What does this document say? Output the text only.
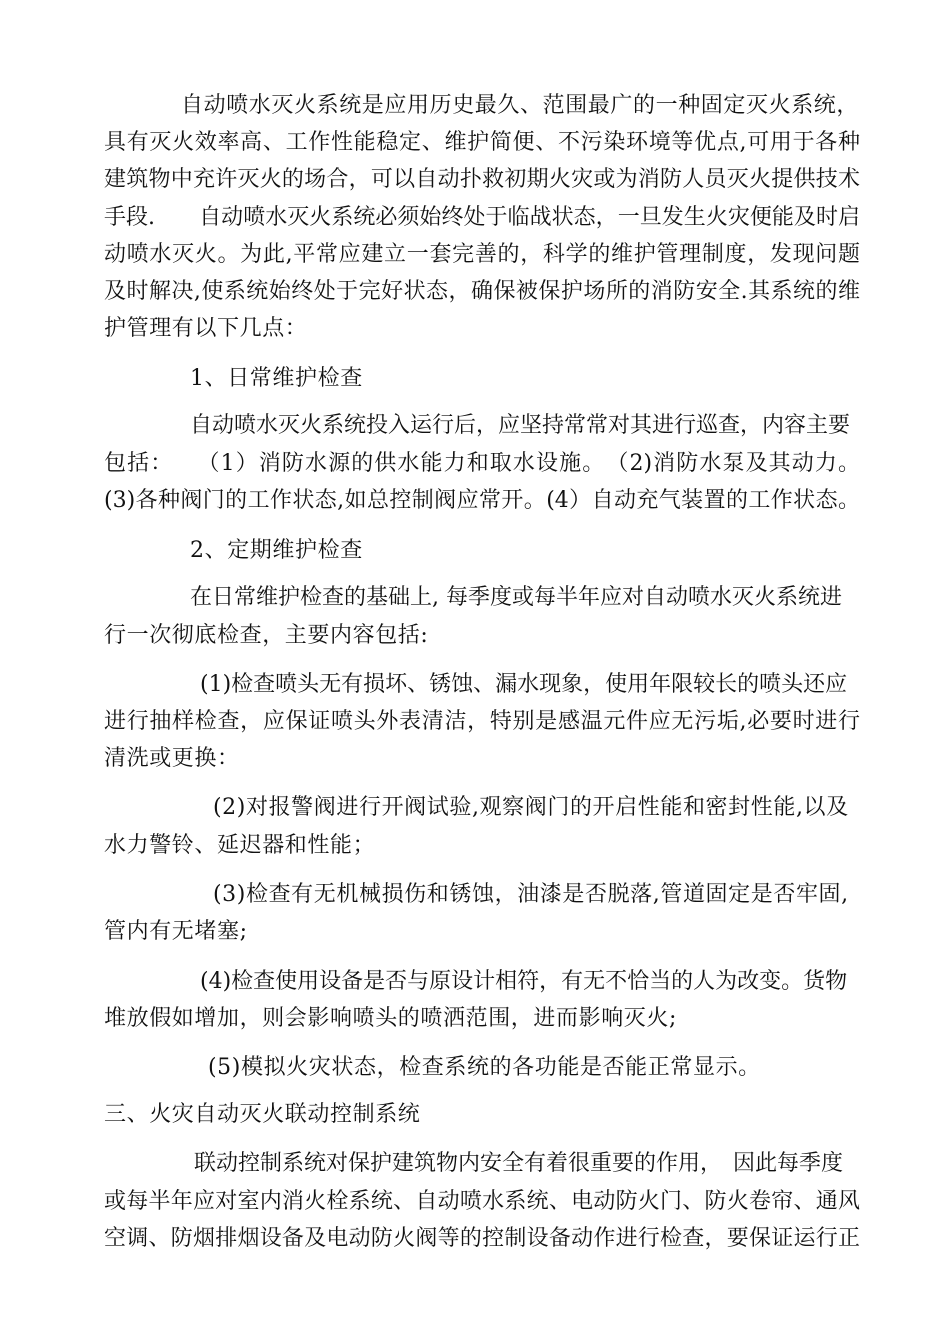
自动喷水灭火系统是应用历史最久、范围最广的一种固定灭火系统，
具有灭火效率高、工作性能稳定、维护简便、不污染环境等优点,可用于各种
建筑物中充许灭火的场合，可以自动扑救初期火灾或为消防人员灭火提供技术
手段.　　自动喷水灭火系统必须始终处于临战状态，一旦发生火灾便能及时启
动喷水灭火。为此,平常应建立一套完善的，科学的维护管理制度，发现问题
及时解决,使系统始终处于完好状态，确保被保护场所的消防安全.其系统的维
护管理有以下几点：
1、日常维护检查
自动喷水灭火系统投入运行后，应坚持常常对其进行巡查，内容主要
包括：　　（1）消防水源的供水能力和取水设施。　（2)消防水泵及其动力。
(3)各种阀门的工作状态,如总控制阀应常开。(4）自动充气装置的工作状态。
2、定期维护检查
在日常维护检查的基础上, 每季度或每半年应对自动喷水灭火系统进
行一次彻底检查，主要内容包括:
(1)检查喷头无有损坏、锈蚀、漏水现象，使用年限较长的喷头还应
进行抽样检查，应保证喷头外表清洁，特别是感温元件应无污垢,必要时进行
清洗或更换：
(2)对报警阀进行开阀试验,观察阀门的开启性能和密封性能,以及
水力警铃、延迟器和性能；
(3)检查有无机械损伤和锈蚀，油漆是否脱落,管道固定是否牢固,
管内有无堵塞;
(4)检查使用设备是否与原设计相符，有无不恰当的人为改变。货物
堆放假如增加，则会影响喷头的喷洒范围，进而影响灭火;
(5)模拟火灾状态，检查系统的各功能是否能正常显示。
三、火灾自动灭火联动控制系统
联动控制系统对保护建筑物内安全有着很重要的作用，　因此每季度
或每半年应对室内消火栓系统、自动喷水系统、电动防火门、防火卷帘、通风
空调、防烟排烟设备及电动防火阀等的控制设备动作进行检查，要保证运行正
